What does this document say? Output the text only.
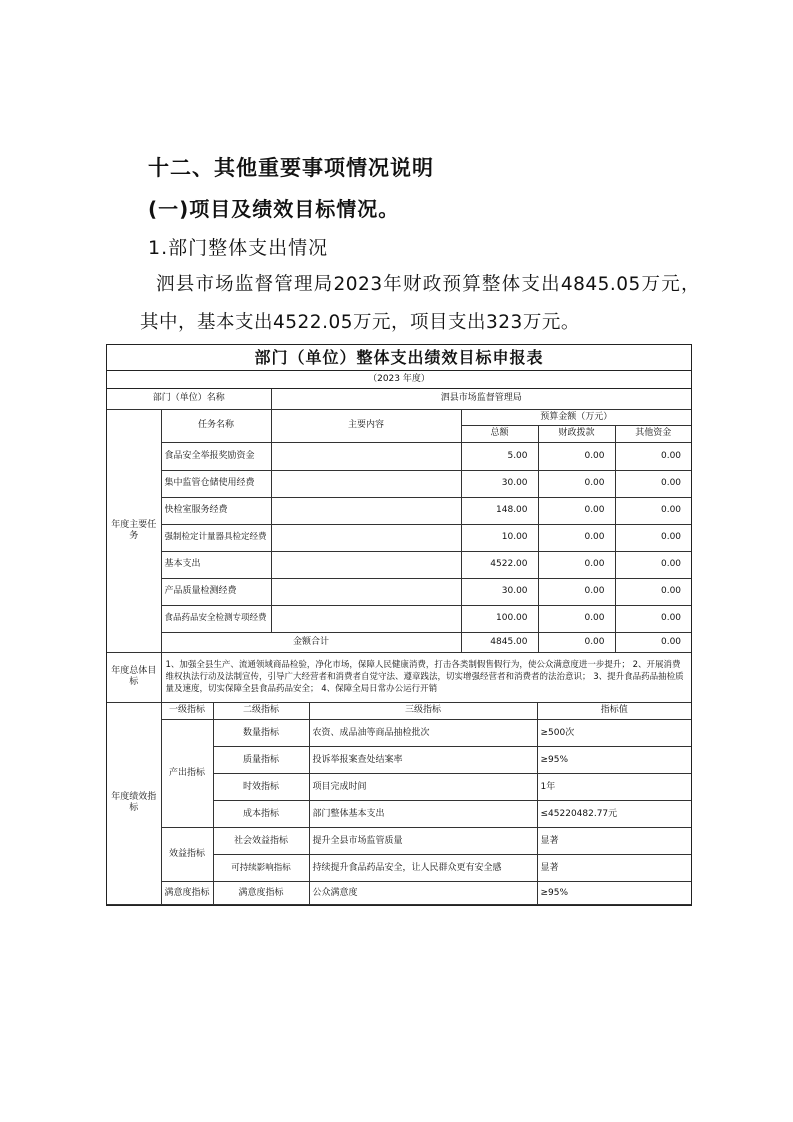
十二、其他重要事项情况说明
(一)项目及绩效目标情况。
1.部门整体支出情况
泗县市场监督管理局2023年财政预算整体支出4845.05万元，其中，基本支出4522.05万元，项目支出323万元。
部门（单位）整体支出绩效目标申报表
（2023 年度）
部门（单位）名称		泗县市场监督管理局			
年度主要任务	任务名称	主要内容	预算金额（万元）		
			总额	财政拨款	其他资金
	食品安全举报奖励资金		5.00	0.00	0.00
	集中监管仓储使用经费		30.00	0.00	0.00
	快检室服务经费		148.00	0.00	0.00
	强制检定计量器具检定经费		10.00	0.00	0.00
	基本支出		4522.00	0.00	0.00
	产品质量检测经费		30.00	0.00	0.00
	食品药品安全检测专项经费		100.00	0.00	0.00
	金额合计		4845.00	0.00	0.00
年度总体目标	1、加强全县生产、流通领域商品检验，净化市场，保障人民健康消费，打击各类制假售假行为，使公众满意度进一步提升； 2、开展消费维权执法行动及法制宣传，引导广大经营者和消费者自觉守法、遵章践法，切实增强经营者和消费者的法治意识； 3、提升食品药品抽检质量及速度，切实保障全县食品药品安全； 4、保障全局日常办公运行开销				
年度绩效指标	一级指标	二级指标	三级指标	指标值
	产出指标	数量指标	农资、成品油等商品抽检批次	≥500次
		质量指标	投诉举报案查处结案率	≥95%
		时效指标	项目完成时间	1年
		成本指标	部门整体基本支出	≤45220482.77元
	效益指标	社会效益指标	提升全县市场监管质量	显著
		可持续影响指标	持续提升食品药品安全，让人民群众更有安全感	显著
	满意度指标	满意度指标	公众满意度	≥95%
